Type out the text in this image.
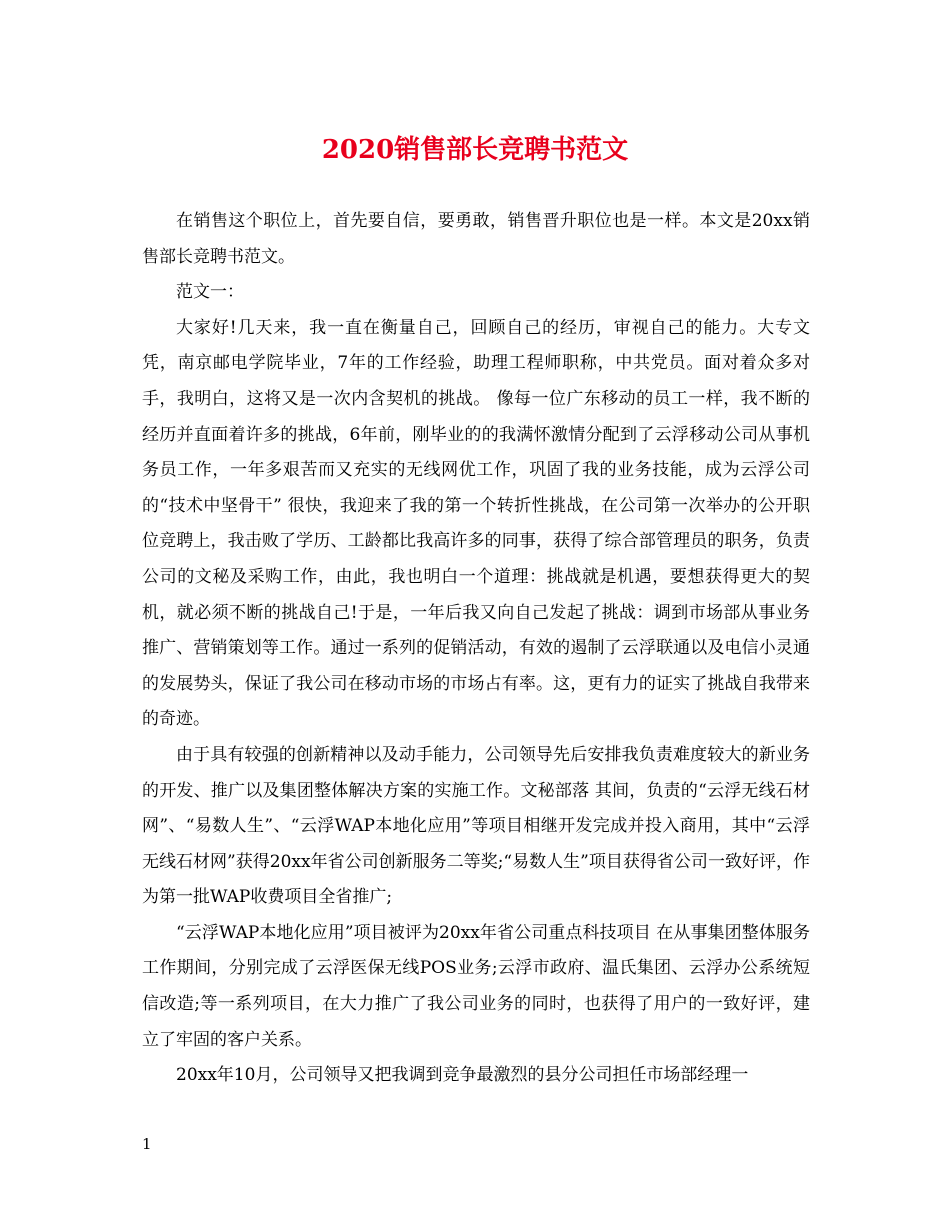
2020销售部长竞聘书范文

在销售这个职位上，首先要自信，要勇敢，销售晋升职位也是一样。本文是20xx销售部长竞聘书范文。

范文一：

大家好!几天来，我一直在衡量自己，回顾自己的经历，审视自己的能力。大专文凭，南京邮电学院毕业，7年的工作经验，助理工程师职称，中共党员。面对着众多对手，我明白，这将又是一次内含契机的挑战。 像每一位广东移动的员工一样，我不断的经历并直面着许多的挑战，6年前，刚毕业的的我满怀激情分配到了云浮移动公司从事机务员工作，一年多艰苦而又充实的无线网优工作，巩固了我的业务技能，成为云浮公司的“技术中坚骨干” 很快，我迎来了我的第一个转折性挑战，在公司第一次举办的公开职位竞聘上，我击败了学历、工龄都比我高许多的同事，获得了综合部管理员的职务，负责公司的文秘及采购工作，由此，我也明白一个道理：挑战就是机遇，要想获得更大的契机，就必须不断的挑战自己!于是，一年后我又向自己发起了挑战：调到市场部从事业务推广、营销策划等工作。通过一系列的促销活动，有效的遏制了云浮联通以及电信小灵通的发展势头，保证了我公司在移动市场的市场占有率。这，更有力的证实了挑战自我带来的奇迹。

由于具有较强的创新精神以及动手能力，公司领导先后安排我负责难度较大的新业务的开发、推广以及集团整体解决方案的实施工作。文秘部落 其间，负责的“云浮无线石材网”、“易数人生”、“云浮WAP本地化应用”等项目相继开发完成并投入商用，其中“云浮无线石材网”获得20xx年省公司创新服务二等奖;“易数人生”项目获得省公司一致好评，作为第一批WAP收费项目全省推广;

“云浮WAP本地化应用”项目被评为20xx年省公司重点科技项目 在从事集团整体服务工作期间，分别完成了云浮医保无线POS业务;云浮市政府、温氏集团、云浮办公系统短信改造;等一系列项目，在大力推广了我公司业务的同时，也获得了用户的一致好评，建立了牢固的客户关系。

20xx年10月，公司领导又把我调到竞争最激烈的县分公司担任市场部经理一

1
